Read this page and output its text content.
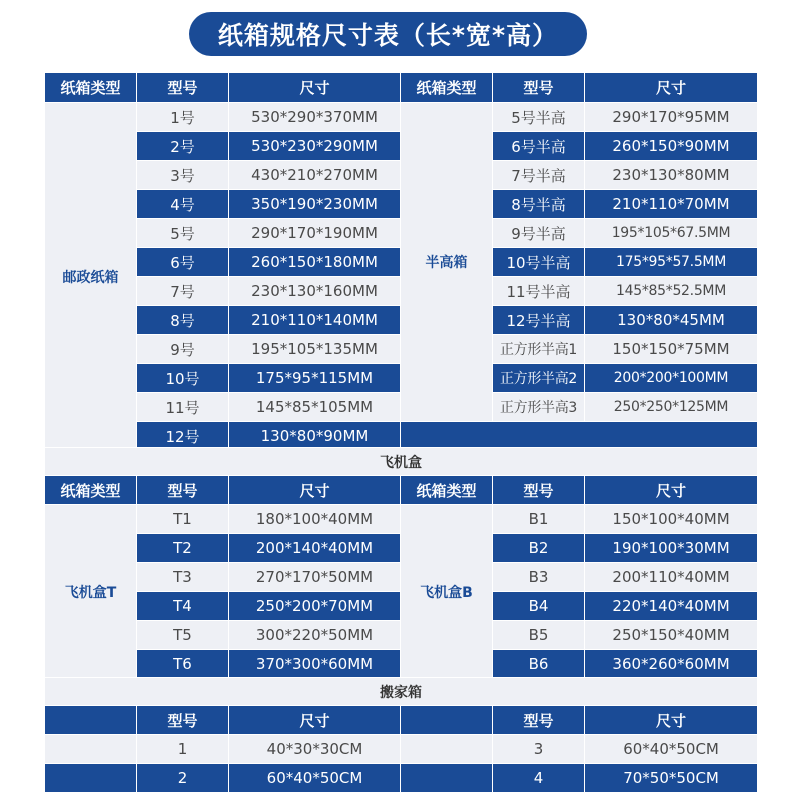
纸箱规格尺寸表（长*宽*高）
纸箱类型	型号	尺寸	纸箱类型	型号	尺寸
邮政纸箱	1号	530*290*370MM	半高箱	5号半高	290*170*95MM
	2号	530*230*290MM		6号半高	260*150*90MM
	3号	430*210*270MM		7号半高	230*130*80MM
	4号	350*190*230MM		8号半高	210*110*70MM
	5号	290*170*190MM		9号半高	195*105*67.5MM
	6号	260*150*180MM		10号半高	175*95*57.5MM
	7号	230*130*160MM		11号半高	145*85*52.5MM
	8号	210*110*140MM		12号半高	130*80*45MM
	9号	195*105*135MM		正方形半高1	150*150*75MM
	10号	175*95*115MM		正方形半高2	200*200*100MM
	11号	145*85*105MM		正方形半高3	250*250*125MM
	12号	130*80*90MM			
飞机盒					
纸箱类型	型号	尺寸	纸箱类型	型号	尺寸
飞机盒T	T1	180*100*40MM	飞机盒B	B1	150*100*40MM
	T2	200*140*40MM		B2	190*100*30MM
	T3	270*170*50MM		B3	200*110*40MM
	T4	250*200*70MM		B4	220*140*40MM
	T5	300*220*50MM		B5	250*150*40MM
	T6	370*300*60MM		B6	360*260*60MM
搬家箱					
	型号	尺寸		型号	尺寸
	1	40*30*30CM		3	60*40*50CM
	2	60*40*50CM		4	70*50*50CM
